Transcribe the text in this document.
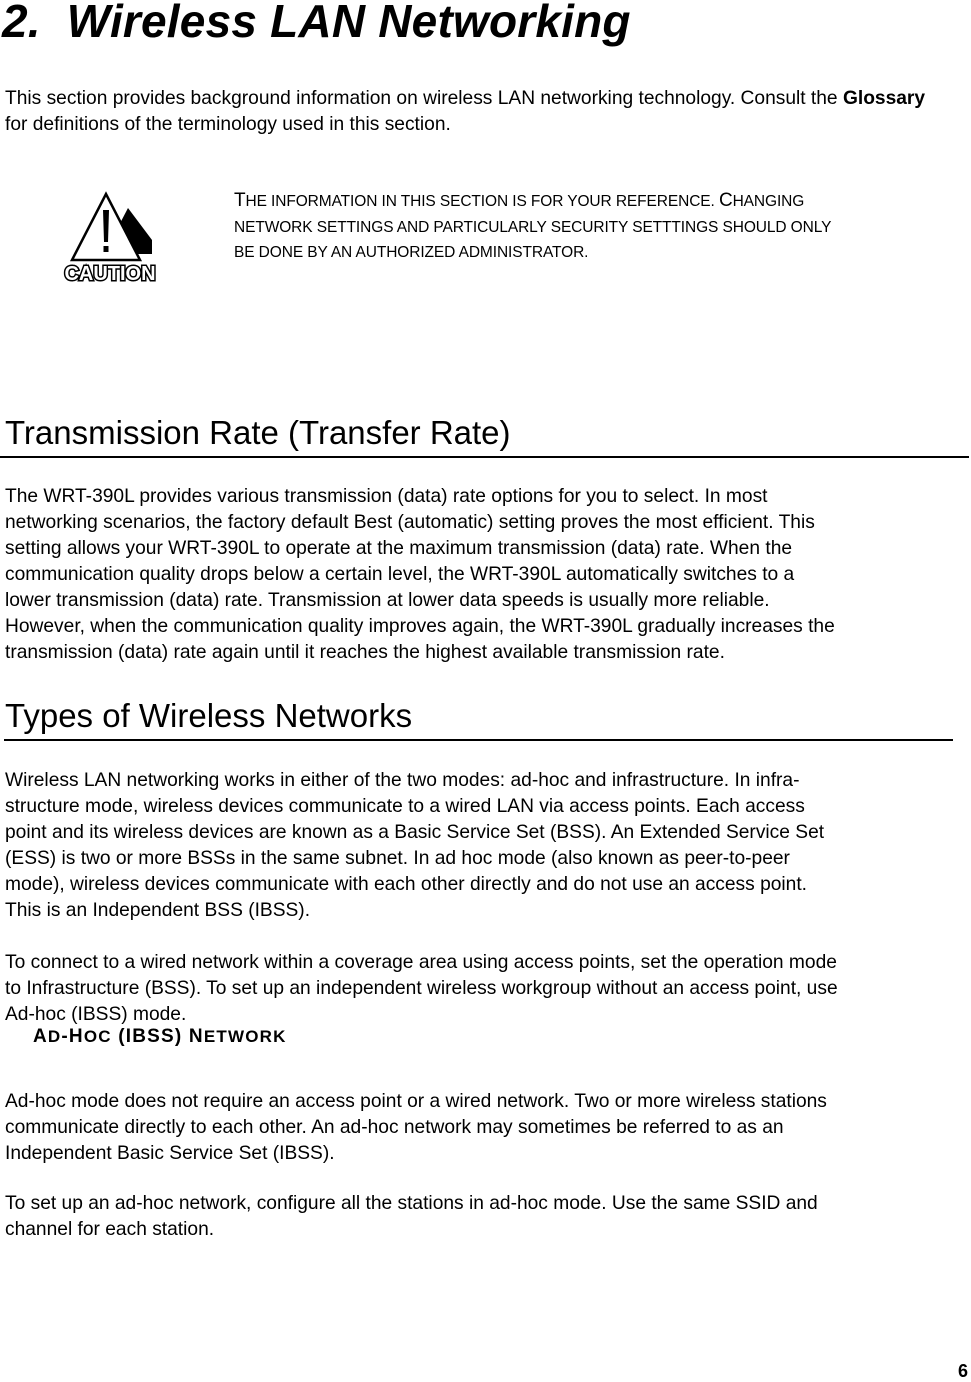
2. Wireless LAN Networking

This section provides background information on wireless LAN networking technology. Consult the Glossary for definitions of the terminology used in this section.

CAUTION
THE INFORMATION IN THIS SECTION IS FOR YOUR REFERENCE. CHANGING
NETWORK SETTINGS AND PARTICULARLY SECURITY SETTTINGS SHOULD ONLY
BE DONE BY AN AUTHORIZED ADMINISTRATOR.
Transmission Rate (Transfer Rate)
The WRT-390L provides various transmission (data) rate options for you to select. In most
networking scenarios, the factory default Best (automatic) setting proves the most efficient. This
setting allows your WRT-390L to operate at the maximum transmission (data) rate. When the
communication quality drops below a certain level, the WRT-390L automatically switches to a
lower transmission (data) rate. Transmission at lower data speeds is usually more reliable.
However, when the communication quality improves again, the WRT-390L gradually increases the
transmission (data) rate again until it reaches the highest available transmission rate.
Types of Wireless Networks
Wireless LAN networking works in either of the two modes: ad-hoc and infrastructure. In infra-
structure mode, wireless devices communicate to a wired LAN via access points. Each access
point and its wireless devices are known as a Basic Service Set (BSS). An Extended Service Set
(ESS) is two or more BSSs in the same subnet. In ad hoc mode (also known as peer-to-peer
mode), wireless devices communicate with each other directly and do not use an access point.
This is an Independent BSS (IBSS).
To connect to a wired network within a coverage area using access points, set the operation mode
to Infrastructure (BSS). To set up an independent wireless workgroup without an access point, use
Ad-hoc (IBSS) mode.
AD-HOC (IBSS) NETWORK
Ad-hoc mode does not require an access point or a wired network. Two or more wireless stations
communicate directly to each other. An ad-hoc network may sometimes be referred to as an
Independent Basic Service Set (IBSS).
To set up an ad-hoc network, configure all the stations in ad-hoc mode. Use the same SSID and
channel for each station.
6
